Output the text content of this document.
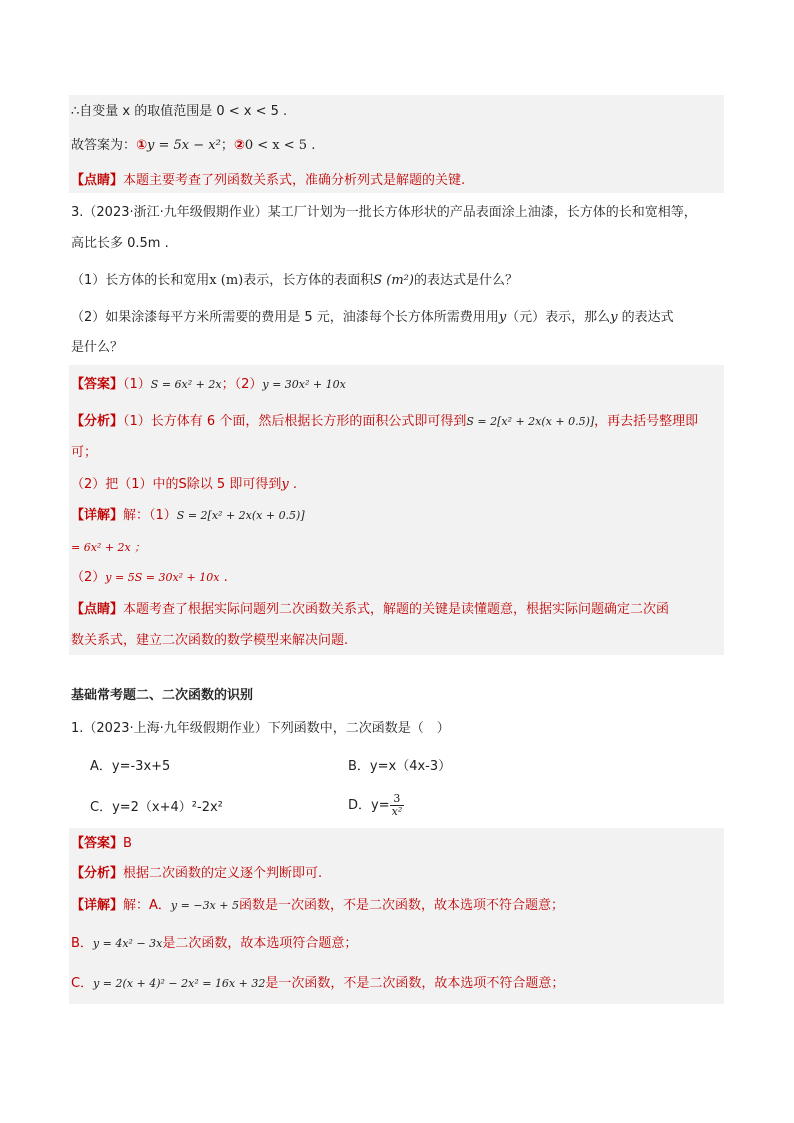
∴自变量 x 的取值范围是 0 < x < 5 .
故答案为：①y = 5x − x²；②0 < x < 5 .
【点睛】本题主要考查了列函数关系式，准确分析列式是解题的关键.
3.（2023·浙江·九年级假期作业）某工厂计划为一批长方体形状的产品表面涂上油漆，长方体的长和宽相等，
高比长多 0.5m .
（1）长方体的长和宽用x (m)表示，长方体的表面积S (m²)的表达式是什么？
（2）如果涂漆每平方米所需要的费用是 5 元，油漆每个长方体所需费用用y（元）表示，那么y 的表达式
是什么？
【答案】（1）S = 6x² + 2x；（2）y = 30x² + 10x
【分析】（1）长方体有 6 个面，然后根据长方形的面积公式即可得到S = 2[x² + 2x(x + 0.5)]，再去括号整理即
可；
（2）把（1）中的S除以 5 即可得到y .
【详解】解：（1）S = 2[x² + 2x(x + 0.5)]
= 6x² + 2x ；
（2）y = 5S = 30x² + 10x .
【点睛】本题考查了根据实际问题列二次函数关系式，解题的关键是读懂题意，根据实际问题确定二次函
数关系式，建立二次函数的数学模型来解决问题.
基础常考题二、二次函数的识别
1.（2023·上海·九年级假期作业）下列函数中，二次函数是（　）
A．y=-3x+5	B．y=x（4x-3）
C．y=2（x+4）²-2x²	D．$y= \frac{3}{\text{x²}}$
【答案】B
【分析】根据二次函数的定义逐个判断即可.
【详解】解：A．y = −3x + 5函数是一次函数，不是二次函数，故本选项不符合题意；
B．y = 4x² − 3x是二次函数，故本选项符合题意；
C．y = 2(x + 4)² − 2x² = 16x + 32是一次函数，不是二次函数，故本选项不符合题意；
